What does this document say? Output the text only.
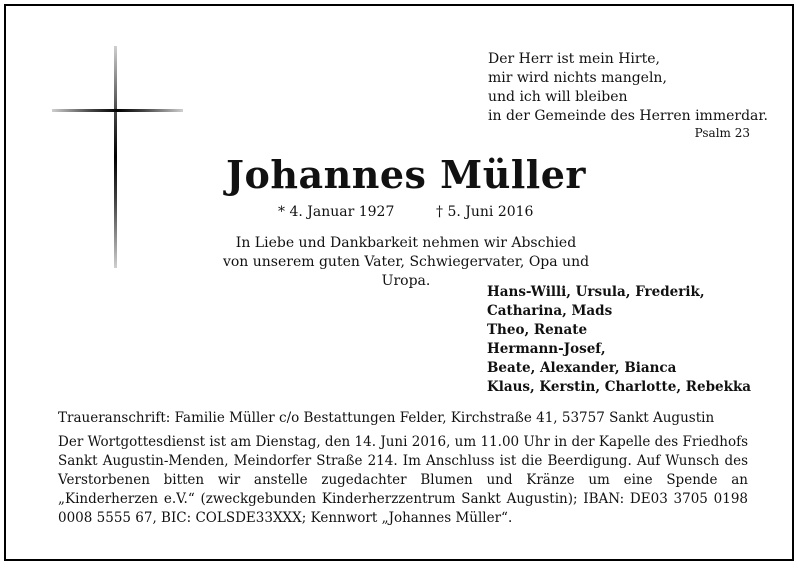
Der Herr ist mein Hirte,
mir wird nichts mangeln,
und ich will bleiben
in der Gemeinde des Herren immerdar.
Psalm 23
Johannes Müller
* 4. Januar 1927	† 5. Juni 2016
In Liebe und Dankbarkeit nehmen wir Abschied
von unserem guten Vater, Schwiegervater, Opa und Uropa.
Hans-Willi, Ursula, Frederik,
Catharina, Mads
Theo, Renate
Hermann-Josef,
Beate, Alexander, Bianca
Klaus, Kerstin, Charlotte, Rebekka
Traueranschrift: Familie Müller c/o Bestattungen Felder, Kirchstraße 41, 53757 Sankt Augustin
Der Wortgottesdienst ist am Dienstag, den 14. Juni 2016, um 11.00 Uhr in der Kapelle des Friedhofs Sankt Augustin-Menden, Meindorfer Straße 214. Im Anschluss ist die Beerdigung. Auf Wunsch des Verstorbenen bitten wir anstelle zugedachter Blumen und Kränze um eine Spende an „Kinderherzen e.V.“ (zweckgebunden Kinderherzzentrum Sankt Augustin); IBAN: DE03 3705 0198 0008 5555 67, BIC: COLSDE33XXX; Kennwort „Johannes Müller“.
